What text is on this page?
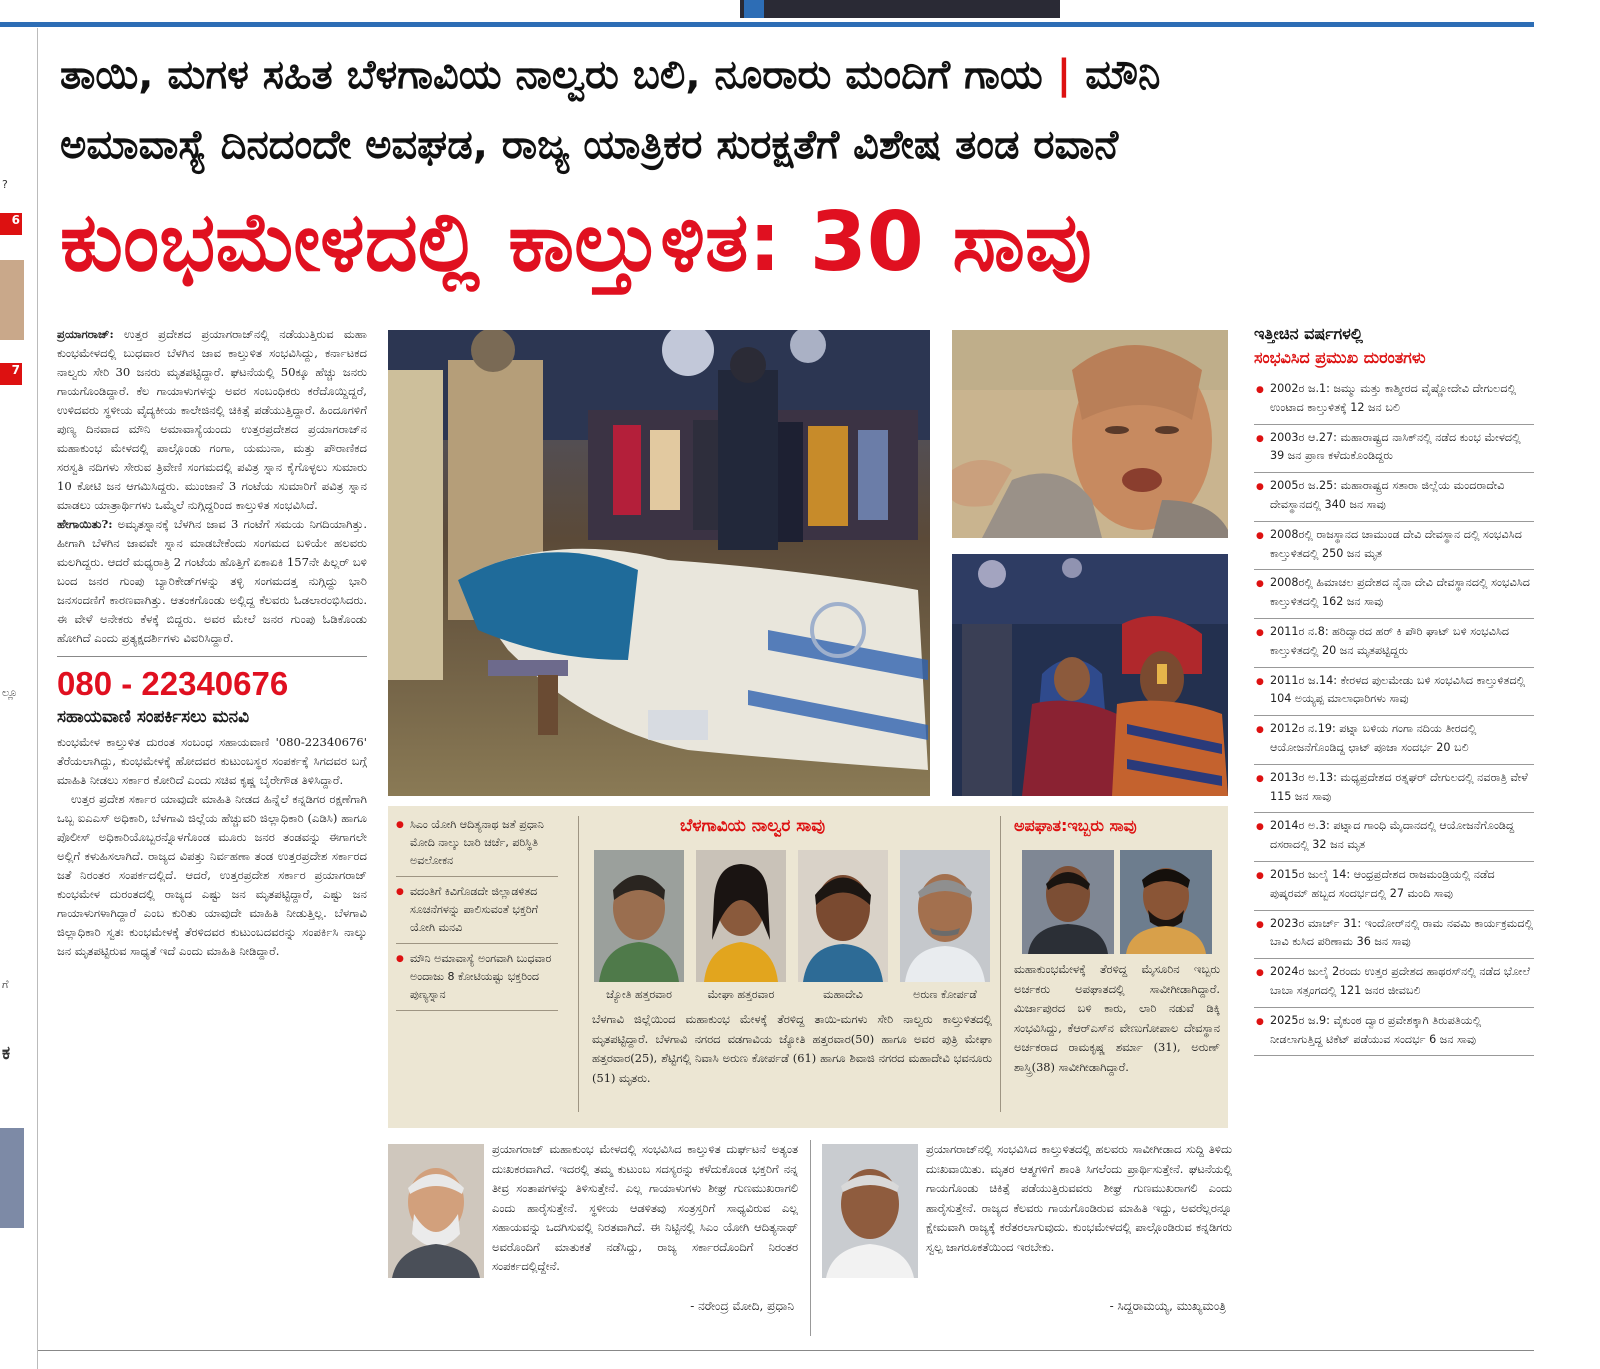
?
6
7
ಲ್ಲೂ
ಗೆ
ಕ
ತಾಯಿ, ಮಗಳ ಸಹಿತ ಬೆಳಗಾವಿಯ ನಾಲ್ವರು ಬಲಿ, ನೂರಾರು ಮಂದಿಗೆ ಗಾಯ | ಮೌನಿ
ಅಮಾವಾಸ್ಯೆ ದಿನದಂದೇ ಅವಘಡ, ರಾಜ್ಯ ಯಾತ್ರಿಕರ ಸುರಕ್ಷತೆಗೆ ವಿಶೇಷ ತಂಡ ರವಾನೆ
ಕುಂಭಮೇಳದಲ್ಲಿ ಕಾಲ್ತುಳಿತ: 30 ಸಾವು

ಪ್ರಯಾಗರಾಜ್: ಉತ್ತರ ಪ್ರದೇಶದ ಪ್ರಯಾಗರಾಜ್‌ನಲ್ಲಿ ನಡೆಯುತ್ತಿರುವ ಮಹಾ ಕುಂಭಮೇಳದಲ್ಲಿ ಬುಧವಾರ ಬೆಳಗಿನ ಜಾವ ಕಾಲ್ತುಳಿತ ಸಂಭವಿಸಿದ್ದು, ಕರ್ನಾಟಕದ ನಾಲ್ವರು ಸೇರಿ 30 ಜನರು ಮೃತಪಟ್ಟಿದ್ದಾರೆ. ಘಟನೆಯಲ್ಲಿ 50ಕ್ಕೂ ಹೆಚ್ಚು ಜನರು ಗಾಯಗೊಂಡಿದ್ದಾರೆ. ಕೆಲ ಗಾಯಾಳುಗಳನ್ನು ಅವರ ಸಂಬಂಧಿಕರು ಕರೆದೊಯ್ದಿದ್ದರೆ, ಉಳಿದವರು ಸ್ಥಳೀಯ ವೈದ್ಯಕೀಯ ಕಾಲೇಜಿನಲ್ಲಿ ಚಿಕಿತ್ಸೆ ಪಡೆಯುತ್ತಿದ್ದಾರೆ. ಹಿಂದೂಗಳಿಗೆ ಪುಣ್ಯ ದಿನವಾದ ಮೌನಿ ಅಮಾವಾಸ್ಯೆಯಂದು ಉತ್ತರಪ್ರದೇಶದ ಪ್ರಯಾಗರಾಜ್‌ನ ಮಹಾಕುಂಭ ಮೇಳದಲ್ಲಿ ಪಾಲ್ಗೊಂಡು ಗಂಗಾ, ಯಮುನಾ, ಮತ್ತು ಪೌರಾಣಿಕದ ಸರಸ್ವತಿ ನದಿಗಳು ಸೇರುವ ತ್ರಿವೇಣಿ ಸಂಗಮದಲ್ಲಿ ಪವಿತ್ರ ಸ್ನಾನ ಕೈಗೊಳ್ಳಲು ಸುಮಾರು 10 ಕೋಟಿ ಜನ ಆಗಮಿಸಿದ್ದರು. ಮುಂಜಾನೆ 3 ಗಂಟೆಯ ಸುಮಾರಿಗೆ ಪವಿತ್ರ ಸ್ನಾನ ಮಾಡಲು ಯಾತ್ರಾರ್ಥಿಗಳು ಒಮ್ಮೆಲೆ ನುಗ್ಗಿದ್ದರಿಂದ ಕಾಲ್ತುಳಿತ ಸಂಭವಿಸಿದೆ.

ಹೇಗಾಯಿತು?: ಅಮೃತಸ್ನಾನಕ್ಕೆ ಬೆಳಗಿನ ಜಾವ 3 ಗಂಟೆಗೆ ಸಮಯ ನಿಗದಿಯಾಗಿತ್ತು. ಹೀಗಾಗಿ ಬೆಳಗಿನ ಜಾವವೇ ಸ್ನಾನ ಮಾಡಬೇಕೆಂದು ಸಂಗಮದ ಬಳಿಯೇ ಹಲವರು ಮಲಗಿದ್ದರು. ಆದರೆ ಮಧ್ಯರಾತ್ರಿ 2 ಗಂಟೆಯ ಹೊತ್ತಿಗೆ ಏಕಾಏಕಿ 157ನೇ ಪಿಲ್ಲರ್ ಬಳಿ ಬಂದ ಜನರ ಗುಂಪು ಬ್ಯಾರಿಕೇಡ್‌ಗಳನ್ನು ತಳ್ಳಿ ಸಂಗಮದತ್ತ ನುಗ್ಗಿದ್ದು ಭಾರಿ ಜನಸಂದಣಿಗೆ ಕಾರಣವಾಗಿತ್ತು. ಆತಂಕಗೊಂಡು ಅಲ್ಲಿದ್ದ ಕೆಲವರು ಓಡಲಾರಂಭಿಸಿದರು. ಈ ವೇಳೆ ಅನೇಕರು ಕೆಳಕ್ಕೆ ಬಿದ್ದರು. ಅವರ ಮೇಲೆ ಜನರ ಗುಂಪು ಓಡಿಕೊಂಡು ಹೋಗಿದೆ ಎಂದು ಪ್ರತ್ಯಕ್ಷದರ್ಶಿಗಳು ವಿವರಿಸಿದ್ದಾರೆ.

080 - 22340676
ಸಹಾಯವಾಣಿ ಸಂಪರ್ಕಿಸಲು ಮನವಿ

ಕುಂಭಮೇಳ ಕಾಲ್ತುಳಿತ ದುರಂತ ಸಂಬಂಧ ಸಹಾಯವಾಣಿ '080-22340676' ತೆರೆಯಲಾಗಿದ್ದು, ಕುಂಭಮೇಳಕ್ಕೆ ಹೋದವರ ಕುಟುಂಬಸ್ಥರ ಸಂಪರ್ಕಕ್ಕೆ ಸಿಗದವರ ಬಗ್ಗೆ ಮಾಹಿತಿ ನೀಡಲು ಸರ್ಕಾರ ಕೋರಿದೆ ಎಂದು ಸಚಿವ ಕೃಷ್ಣ ಬೈರೇಗೌಡ ತಿಳಿಸಿದ್ದಾರೆ.

ಉತ್ತರ ಪ್ರದೇಶ ಸರ್ಕಾರ ಯಾವುದೇ ಮಾಹಿತಿ ನೀಡದ ಹಿನ್ನೆಲೆ ಕನ್ನಡಿಗರ ರಕ್ಷಣೆಗಾಗಿ ಒಬ್ಬ ಐಎಎಸ್ ಅಧಿಕಾರಿ, ಬೆಳಗಾವಿ ಜಿಲ್ಲೆಯ ಹೆಚ್ಚುವರಿ ಜಿಲ್ಲಾಧಿಕಾರಿ (ಎಡಿಸಿ) ಹಾಗೂ ಪೊಲೀಸ್ ಅಧಿಕಾರಿಯೊಬ್ಬರನ್ನೊಳಗೊಂಡ ಮೂರು ಜನರ ತಂಡವನ್ನು ಈಗಾಗಲೇ ಅಲ್ಲಿಗೆ ಕಳುಹಿಸಲಾಗಿದೆ. ರಾಜ್ಯದ ವಿಪತ್ತು ನಿರ್ವಹಣಾ ತಂಡ ಉತ್ತರಪ್ರದೇಶ ಸರ್ಕಾರದ ಜತೆ ನಿರಂತರ ಸಂಪರ್ಕದಲ್ಲಿದೆ. ಆದರೆ, ಉತ್ತರಪ್ರದೇಶ ಸರ್ಕಾರ ಪ್ರಯಾಗರಾಜ್ ಕುಂಭಮೇಳ ದುರಂತದಲ್ಲಿ ರಾಜ್ಯದ ಎಷ್ಟು ಜನ ಮೃತಪಟ್ಟಿದ್ದಾರೆ, ಎಷ್ಟು ಜನ ಗಾಯಾಳುಗಳಾಗಿದ್ದಾರೆ ಎಂಬ ಕುರಿತು ಯಾವುದೇ ಮಾಹಿತಿ ನೀಡುತ್ತಿಲ್ಲ. ಬೆಳಗಾವಿ ಜಿಲ್ಲಾಧಿಕಾರಿ ಸ್ವತಃ ಕುಂಭಮೇಳಕ್ಕೆ ತೆರಳಿದವರ ಕುಟುಂಬದವರನ್ನು ಸಂಪರ್ಕಿಸಿ ನಾಲ್ಕು ಜನ ಮೃತಪಟ್ಟಿರುವ ಸಾಧ್ಯತೆ ಇದೆ ಎಂದು ಮಾಹಿತಿ ನೀಡಿದ್ದಾರೆ.

● ಸಿಎಂ ಯೋಗಿ ಆದಿತ್ಯನಾಥ ಜತೆ ಪ್ರಧಾನಿ ಮೋದಿ ನಾಲ್ಕು ಬಾರಿ ಚರ್ಚೆ, ಪರಿಸ್ಥಿತಿ ಅವಲೋಕನ
● ವದಂತಿಗೆ ಕಿವಿಗೊಡದೇ ಜಿಲ್ಲಾಡಳಿತದ ಸೂಚನೆಗಳನ್ನು ಪಾಲಿಸುವಂತೆ ಭಕ್ತರಿಗೆ ಯೋಗಿ ಮನವಿ
● ಮೌನಿ ಅಮಾವಾಸ್ಯೆ ಅಂಗವಾಗಿ ಬುಧವಾರ ಅಂದಾಜು 8 ಕೋಟಿಯಷ್ಟು ಭಕ್ತರಿಂದ ಪುಣ್ಯಸ್ನಾನ
ಬೆಳಗಾವಿಯ ನಾಲ್ವರ ಸಾವು
ಜ್ಯೋತಿ ಹತ್ತರವಾರ	ಮೇಘಾ ಹತ್ತರವಾರ	ಮಹಾದೇವಿ	ಅರುಣ ಕೋರ್ಪಡೆ
ಬೆಳಗಾವಿ ಜಿಲ್ಲೆಯಿಂದ ಮಹಾಕುಂಭ ಮೇಳಕ್ಕೆ ತೆರಳಿದ್ದ ತಾಯಿ-ಮಗಳು ಸೇರಿ ನಾಲ್ವರು ಕಾಲ್ತುಳಿತದಲ್ಲಿ ಮೃತಪಟ್ಟಿದ್ದಾರೆ. ಬೆಳಗಾವಿ ನಗರದ ವಡಗಾವಿಯ ಜ್ಯೋತಿ ಹತ್ತರವಾರ(50) ಹಾಗೂ ಅವರ ಪುತ್ರಿ ಮೇಘಾ ಹತ್ತರವಾರ(25), ಶೆಟ್ಟಿಗಲ್ಲಿ ನಿವಾಸಿ ಅರುಣ ಕೋರ್ಪಡೆ (61) ಹಾಗೂ ಶಿವಾಜಿ ನಗರದ ಮಹಾದೇವಿ ಭವನೂರು (51) ಮೃತರು.
ಅಪಘಾತ:ಇಬ್ಬರು ಸಾವು
ಮಹಾಕುಂಭಮೇಳಕ್ಕೆ ತೆರಳಿದ್ದ ಮೈಸೂರಿನ ಇಬ್ಬರು ಅರ್ಚಕರು ಅಪಘಾತದಲ್ಲಿ ಸಾವೀಗೀಡಾಗಿದ್ದಾರೆ. ಮಿರ್ಜಾಪುರದ ಬಳಿ ಕಾರು, ಲಾರಿ ನಡುವೆ ಡಿಕ್ಕಿ ಸಂಭವಿಸಿದ್ದು, ಕೆಆರ್‌ಎಸ್‌ನ ವೇಣುಗೋಪಾಲ ದೇವಸ್ಥಾನ ಅರ್ಚಕರಾದ ರಾಮಕೃಷ್ಣ ಶರ್ಮಾ (31), ಅರುಣ್ ಶಾಸ್ತ್ರಿ(38) ಸಾವೀಗೀಡಾಗಿದ್ದಾರೆ.
ಪ್ರಯಾಗರಾಜ್ ಮಹಾಕುಂಭ ಮೇಳದಲ್ಲಿ ಸಂಭವಿಸಿದ ಕಾಲ್ತುಳಿತ ದುರ್ಘಟನೆ ಅತ್ಯಂತ ದುಃಖಕರವಾಗಿದೆ. ಇದರಲ್ಲಿ ತಮ್ಮ ಕುಟುಂಬ ಸದಸ್ಯರನ್ನು ಕಳೆದುಕೊಂಡ ಭಕ್ತರಿಗೆ ನನ್ನ ತೀವ್ರ ಸಂತಾಪಗಳನ್ನು ತಿಳಿಸುತ್ತೇನೆ. ಎಲ್ಲ ಗಾಯಾಳುಗಳು ಶೀಘ್ರ ಗುಣಮುಖರಾಗಲಿ ಎಂದು ಹಾರೈಸುತ್ತೇನೆ. ಸ್ಥಳೀಯ ಆಡಳಿತವು ಸಂತ್ರಸ್ತರಿಗೆ ಸಾಧ್ಯವಿರುವ ಎಲ್ಲ ಸಹಾಯವನ್ನು ಒದಗಿಸುವಲ್ಲಿ ನಿರತವಾಗಿದೆ. ಈ ನಿಟ್ಟಿನಲ್ಲಿ ಸಿಎಂ ಯೋಗಿ ಆದಿತ್ಯನಾಥ್ ಅವರೊಂದಿಗೆ ಮಾತುಕತೆ ನಡೆಸಿದ್ದು, ರಾಜ್ಯ ಸರ್ಕಾರದೊಂದಿಗೆ ನಿರಂತರ ಸಂಪರ್ಕದಲ್ಲಿದ್ದೇನೆ.
- ನರೇಂದ್ರ ಮೋದಿ, ಪ್ರಧಾನಿ
ಪ್ರಯಾಗರಾಜ್‌ನಲ್ಲಿ ಸಂಭವಿಸಿದ ಕಾಲ್ತುಳಿತದಲ್ಲಿ ಹಲವರು ಸಾವೀಗೀಡಾದ ಸುದ್ದಿ ತಿಳಿದು ದುಃಖವಾಯಿತು. ಮೃತರ ಆತ್ಮಗಳಿಗೆ ಶಾಂತಿ ಸಿಗಲೆಂದು ಪ್ರಾರ್ಥಿಸುತ್ತೇನೆ. ಘಟನೆಯಲ್ಲಿ ಗಾಯಗೊಂಡು ಚಿಕಿತ್ಸೆ ಪಡೆಯುತ್ತಿರುವವರು ಶೀಘ್ರ ಗುಣಮುಖರಾಗಲಿ ಎಂದು ಹಾರೈಸುತ್ತೇನೆ. ರಾಜ್ಯದ ಕೆಲವರು ಗಾಯಗೊಂಡಿರುವ ಮಾಹಿತಿ ಇದ್ದು, ಅವರೆಲ್ಲರನ್ನೂ ಕ್ಷೇಮವಾಗಿ ರಾಜ್ಯಕ್ಕೆ ಕರೆತರಲಾಗುವುದು. ಕುಂಭಮೇಳದಲ್ಲಿ ಪಾಲ್ಗೊಂಡಿರುವ ಕನ್ನಡಿಗರು ಸ್ವಲ್ಪ ಜಾಗರೂಕತೆಯಿಂದ ಇರಬೇಕು.
- ಸಿದ್ದರಾಮಯ್ಯ, ಮುಖ್ಯಮಂತ್ರಿ
ಇತ್ತೀಚಿನ ವರ್ಷಗಳಲ್ಲಿ
ಸಂಭವಿಸಿದ ಪ್ರಮುಖ ದುರಂತಗಳು
● 2002ರ ಜ.1: ಜಮ್ಮು ಮತ್ತು ಕಾಶ್ಮೀರದ ವೈಷ್ಣೋದೇವಿ ದೇಗುಲದಲ್ಲಿ ಉಂಟಾದ ಕಾಲ್ತುಳಿತಕ್ಕೆ 12 ಜನ ಬಲಿ
● 2003ರ ಆ.27: ಮಹಾರಾಷ್ಟ್ರದ ನಾಸಿಕ್‌ನಲ್ಲಿ ನಡೆದ ಕುಂಭ ಮೇಳದಲ್ಲಿ 39 ಜನ ಪ್ರಾಣ ಕಳೆದುಕೊಂಡಿದ್ದರು
● 2005ರ ಜ.25: ಮಹಾರಾಷ್ಟ್ರದ ಸತಾರಾ ಜಿಲ್ಲೆಯ ಮಂದರಾದೇವಿ ದೇವಸ್ಥಾನದಲ್ಲಿ 340 ಜನ ಸಾವು
● 2008ರಲ್ಲಿ ರಾಜಸ್ಥಾನದ ಚಾಮುಂಡ ದೇವಿ ದೇವಸ್ಥಾನ ದಲ್ಲಿ ಸಂಭವಿಸಿದ ಕಾಲ್ತುಳಿತದಲ್ಲಿ 250 ಜನ ಮೃತ
● 2008ರಲ್ಲಿ ಹಿಮಾಚಲ ಪ್ರದೇಶದ ನೈನಾ ದೇವಿ ದೇವಸ್ಥಾನದಲ್ಲಿ ಸಂಭವಿಸಿದ ಕಾಲ್ತುಳಿತದಲ್ಲಿ 162 ಜನ ಸಾವು
● 2011ರ ನ.8: ಹರಿದ್ವಾರದ ಹರ್ ಕಿ ಪೌರಿ ಘಾಟ್ ಬಳಿ ಸಂಭವಿಸಿದ ಕಾಲ್ತುಳಿತದಲ್ಲಿ 20 ಜನ ಮೃತಪಟ್ಟಿದ್ದರು
● 2011ರ ಜ.14: ಕೇರಳದ ಪುಲಮೇಡು ಬಳಿ ಸಂಭವಿಸಿದ ಕಾಲ್ತುಳಿತದಲ್ಲಿ 104 ಅಯ್ಯಪ್ಪ ಮಾಲಾಧಾರಿಗಳು ಸಾವು
● 2012ರ ನ.19: ಪಟ್ನಾ ಬಳಿಯ ಗಂಗಾ ನದಿಯ ತೀರದಲ್ಲಿ ಆಯೋಜನೆಗೊಂಡಿದ್ದ ಛಾಟ್ ಪೂಜಾ ಸಂದರ್ಭ 20 ಬಲಿ
● 2013ರ ಅ.13: ಮಧ್ಯಪ್ರದೇಶದ ರತ್ನಘರ್ ದೇಗುಲದಲ್ಲಿ ನವರಾತ್ರಿ ವೇಳೆ 115 ಜನ ಸಾವು
● 2014ರ ಅ.3: ಪಟ್ನಾದ ಗಾಂಧಿ ಮೈದಾನದಲ್ಲಿ ಆಯೋಜನೆಗೊಂಡಿದ್ದ ದಸರಾದಲ್ಲಿ 32 ಜನ ಮೃತ
● 2015ರ ಜುಲೈ 14: ಆಂಧ್ರಪ್ರದೇಶದ ರಾಜಮಂಡ್ರಿಯಲ್ಲಿ ನಡೆದ ಪುಷ್ಕರಮ್ ಹಬ್ಬದ ಸಂದರ್ಭದಲ್ಲಿ 27 ಮಂದಿ ಸಾವು
● 2023ರ ಮಾರ್ಚ್ 31: ಇಂದೋರ್‌ನಲ್ಲಿ ರಾಮ ನವಮಿ ಕಾರ್ಯಕ್ರಮದಲ್ಲಿ ಬಾವಿ ಕುಸಿದ ಪರಿಣಾಮ 36 ಜನ ಸಾವು
● 2024ರ ಜುಲೈ 2ರಂದು ಉತ್ತರ ಪ್ರದೇಶದ ಹಾಥರಸ್‌ನಲ್ಲಿ ನಡೆದ ಭೋಲೆ ಬಾಬಾ ಸತ್ಸಂಗದಲ್ಲಿ 121 ಜನರ ಜೀವಬಲಿ
● 2025ರ ಜ.9: ವೈಕುಂಠ ದ್ವಾರ ಪ್ರವೇಶಕ್ಕಾಗಿ ತಿರುಪತಿಯಲ್ಲಿ ನೀಡಲಾಗುತ್ತಿದ್ದ ಟಿಕೆಟ್ ಪಡೆಯುವ ಸಂದರ್ಭ 6 ಜನ ಸಾವು
